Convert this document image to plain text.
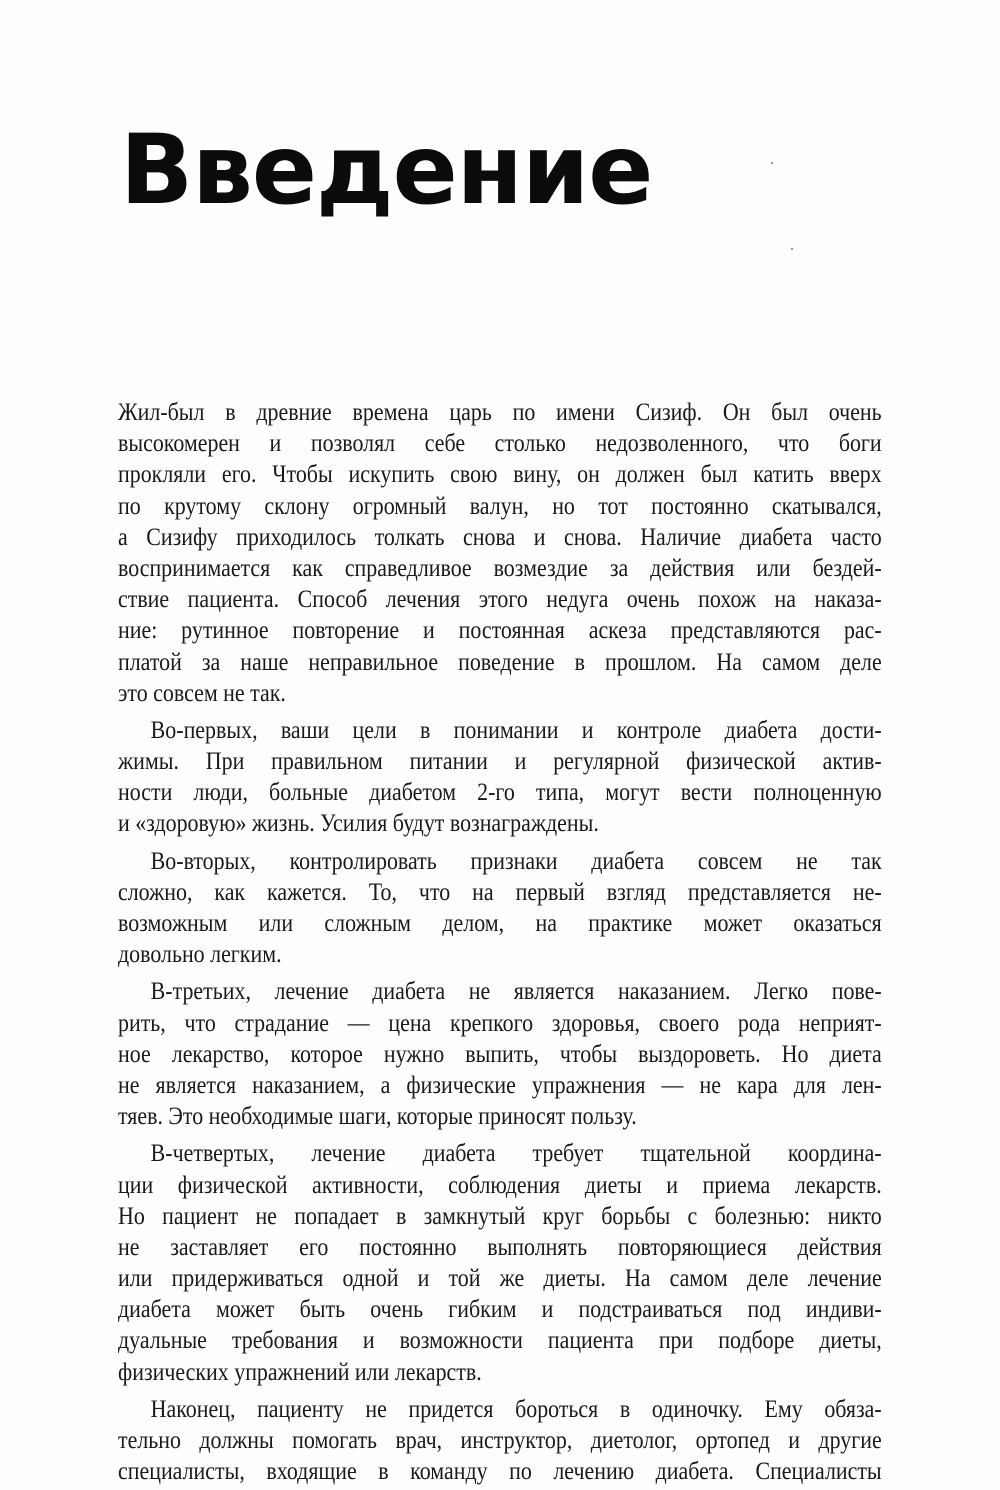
Введение

Жил-был в древние времена царь по имени Сизиф. Он был очень
высокомерен и позволял себе столько недозволенного, что боги
прокляли его. Чтобы искупить свою вину, он должен был катить вверх
по крутому склону огромный валун, но тот постоянно скатывался,
а Сизифу приходилось толкать снова и снова. Наличие диабета часто
воспринимается как справедливое возмездие за действия или бездей-
ствие пациента. Способ лечения этого недуга очень похож на наказа-
ние: рутинное повторение и постоянная аскеза представляются рас-
платой за наше неправильное поведение в прошлом. На самом деле
это совсем не так.

Во-первых, ваши цели в понимании и контроле диабета дости-
жимы. При правильном питании и регулярной физической актив-
ности люди, больные диабетом 2-го типа, могут вести полноценную
и «здоровую» жизнь. Усилия будут вознаграждены.

Во-вторых, контролировать признаки диабета совсем не так
сложно, как кажется. То, что на первый взгляд представляется не-
возможным или сложным делом, на практике может оказаться
довольно легким.

В-третьих, лечение диабета не является наказанием. Легко пове-
рить, что страдание — цена крепкого здоровья, своего рода неприят-
ное лекарство, которое нужно выпить, чтобы выздороветь. Но диета
не является наказанием, а физические упражнения — не кара для лен-
тяев. Это необходимые шаги, которые приносят пользу.

В-четвертых, лечение диабета требует тщательной координа-
ции физической активности, соблюдения диеты и приема лекарств.
Но пациент не попадает в замкнутый круг борьбы с болезнью: никто
не заставляет его постоянно выполнять повторяющиеся действия
или придерживаться одной и той же диеты. На самом деле лечение
диабета может быть очень гибким и подстраиваться под индиви-
дуальные требования и возможности пациента при подборе диеты,
физических упражнений или лекарств.

Наконец, пациенту не придется бороться в одиночку. Ему обяза-
тельно должны помогать врач, инструктор, диетолог, ортопед и другие
специалисты, входящие в команду по лечению диабета. Специалисты
